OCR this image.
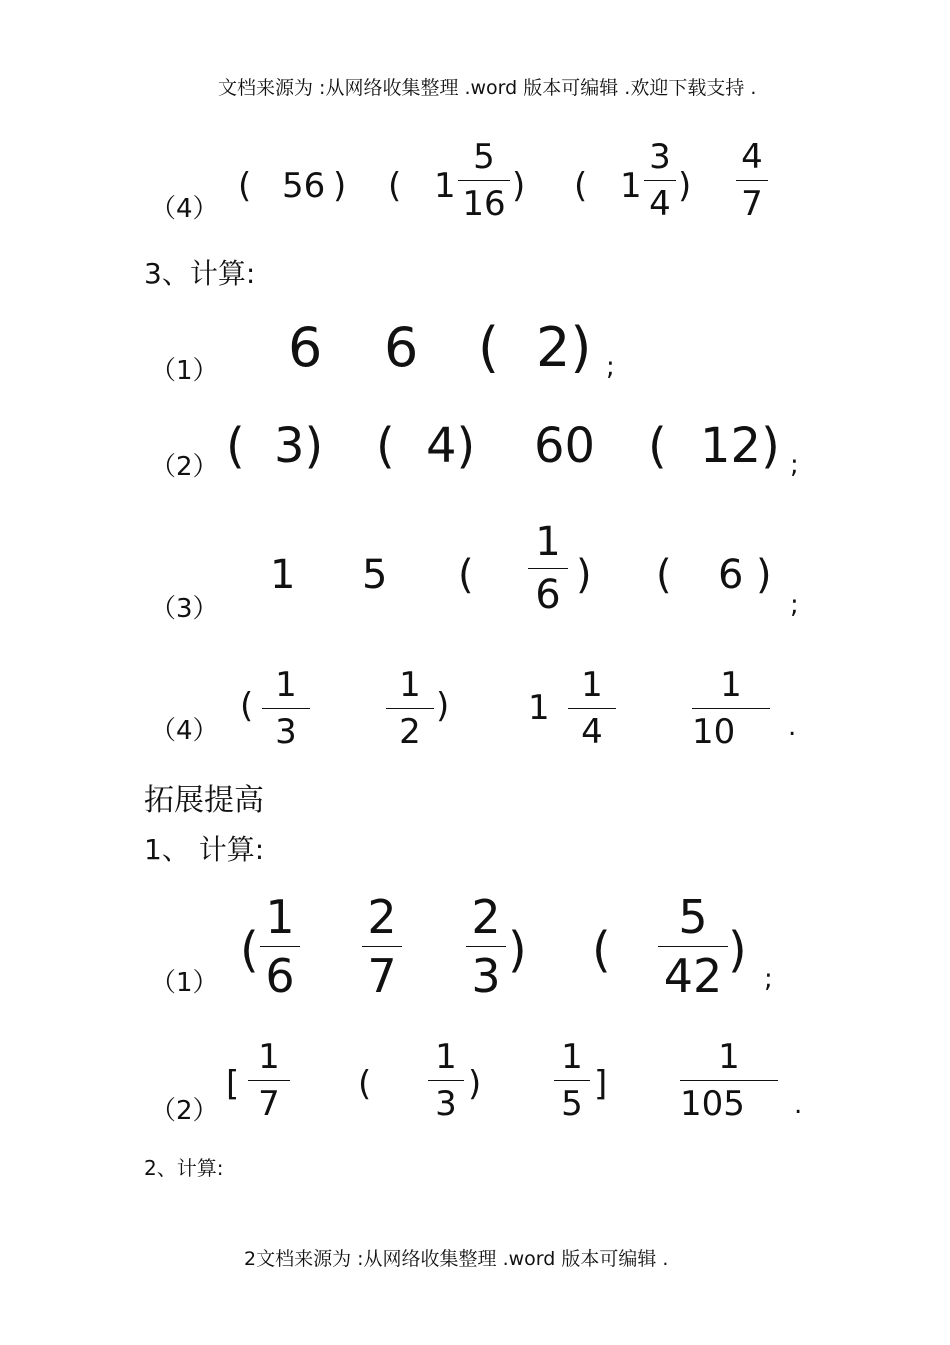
文档来源为 :从网络收集整理 .word 版本可编辑 .欢迎下载支持 .
（4）
( 56 ) ( 1
5
16 ) ( 1
3
4 )
4
7
3、计算:
（1） 6 6 ( 2) ;
（2） ( 3) ( 4) 60 ( 12) ;
（3）
1 5 (
1
6 ) ( 6 )
;
（4）
(
1
3
1
2
) 1
1
4
1
10 .
拓展提高
1、 计算:
（1）
(
1
6
2
7
2
3 ) (
5
42 )
;
（2）
[
1
7 (
1
3 )
1
5 ]
1
105 .
2、计算:
2文档来源为 :从网络收集整理 .word 版本可编辑 .
